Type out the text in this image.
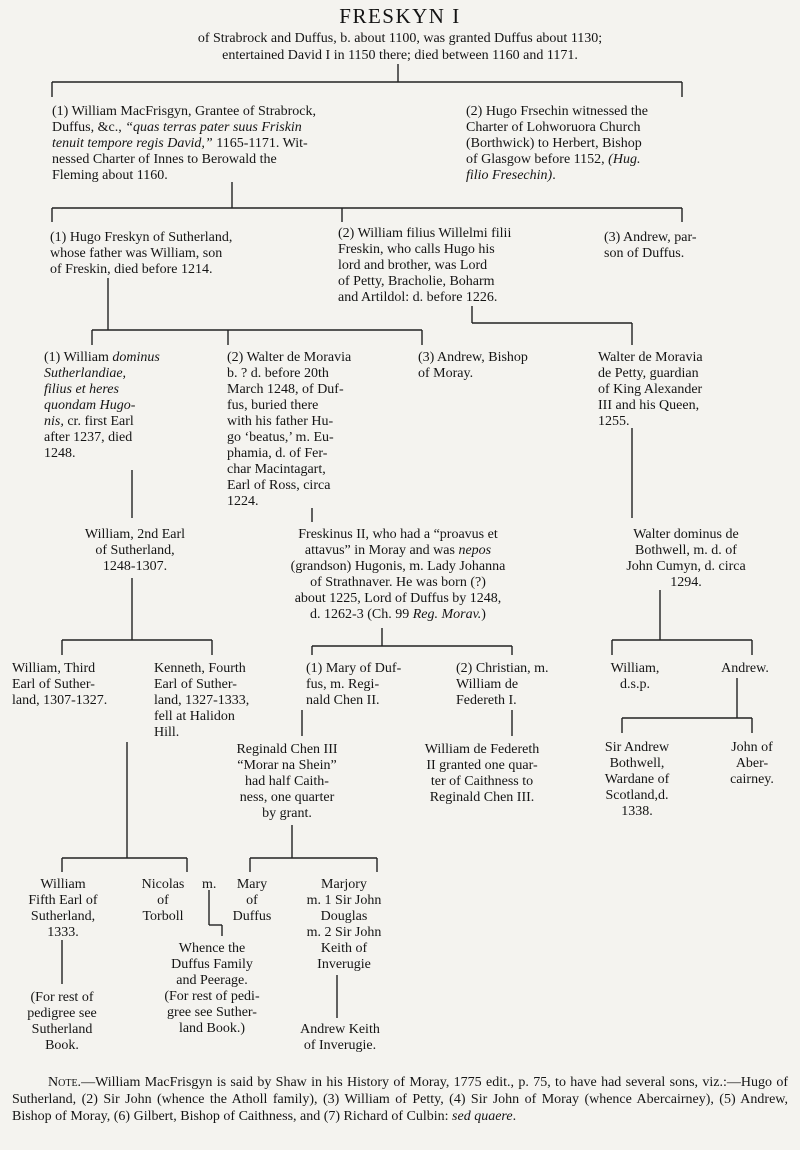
FRESKYN I
of Strabrock and Duffus, b. about 1100, was granted Duffus about 1130;
entertained David I in 1150 there; died between 1160 and 1171.
(1) William MacFrisgyn, Grantee of Strabrock,
Duffus, &c., “quas terras pater suus Friskin
tenuit tempore regis David,” 1165-1171. Wit-
nessed Charter of Innes to Berowald the
Fleming about 1160.
(2) Hugo Frsechin witnessed the
Charter of Lohworuora Church
(Borthwick) to Herbert, Bishop
of Glasgow before 1152, (Hug.
filio Fresechin).
(1) Hugo Freskyn of Sutherland,
whose father was William, son
of Freskin, died before 1214.
(2) William filius Willelmi filii
Freskin, who calls Hugo his
lord and brother, was Lord
of Petty, Bracholie, Boharm
and Artildol: d. before 1226.
(3) Andrew, par-
son of Duffus.
(1) William dominus
Sutherlandiae,
filius et heres
quondam Hugo-
nis, cr. first Earl
after 1237, died
1248.
(2) Walter de Moravia
b. ? d. before 20th
March 1248, of Duf-
fus, buried there
with his father Hu-
go ‘beatus,’ m. Eu-
phamia, d. of Fer-
char Macintagart,
Earl of Ross, circa
1224.
(3) Andrew, Bishop
of Moray.
Walter de Moravia
de Petty, guardian
of King Alexander
III and his Queen,
1255.
William, 2nd Earl
of Sutherland,
1248-1307.
Freskinus II, who had a “proavus et
attavus” in Moray and was nepos
(grandson) Hugonis, m. Lady Johanna
of Strathnaver. He was born (?)
about 1225, Lord of Duffus by 1248,
d. 1262-3 (Ch. 99 Reg. Morav.)
Walter dominus de
Bothwell, m. d. of
John Cumyn, d. circa
1294.
William, Third
Earl of Suther-
land, 1307-1327.
Kenneth, Fourth
Earl of Suther-
land, 1327-1333,
fell at Halidon
Hill.
(1) Mary of Duf-
fus, m. Regi-
nald Chen II.
(2) Christian, m.
William de
Federeth I.
William,
d.s.p.
Andrew.
Reginald Chen III
“Morar na Shein”
had half Caith-
ness, one quarter
by grant.
William de Federeth
II granted one quar-
ter of Caithness to
Reginald Chen III.
Sir Andrew
Bothwell,
Wardane of
Scotland,d.
1338.
John of
Aber-
cairney.
William
Fifth Earl of
Sutherland,
1333.
Nicolas
of
Torboll
m.	Mary
of
Duffus
Marjory
m. 1 Sir John
Douglas
m. 2 Sir John
Keith of
Inverugie
(For rest of
pedigree see
Sutherland
Book.
Whence the
Duffus Family
and Peerage.
(For rest of pedi-
gree see Suther-
land Book.)	Andrew Keith
of Inverugie.
Note.—William MacFrisgyn is said by Shaw in his History of Moray, 1775 edit., p. 75, to have had several sons, viz.:—Hugo of Sutherland, (2) Sir John (whence the Atholl family), (3) William of Petty, (4) Sir John of Moray (whence Abercairney), (5) Andrew, Bishop of Moray, (6) Gilbert, Bishop of Caithness, and (7) Richard of Culbin: sed quaere.
